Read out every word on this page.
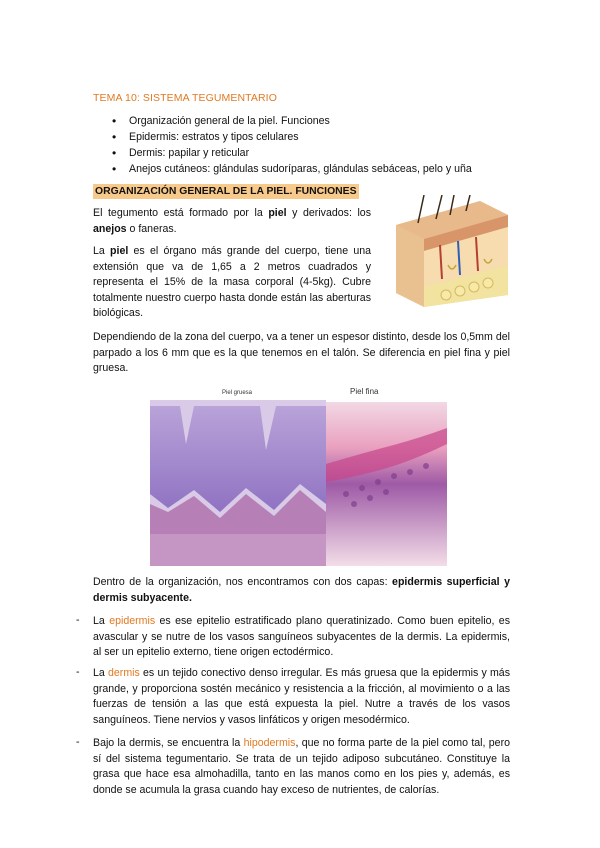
TEMA 10: SISTEMA TEGUMENTARIO
• Organización general de la piel. Funciones
• Epidermis: estratos y tipos celulares
• Dermis: papilar y reticular
• Anejos cutáneos: glándulas sudoríparas, glándulas sebáceas, pelo y uña
ORGANIZACIÓN GENERAL DE LA PIEL. FUNCIONES

El tegumento está formado por la piel y derivados: los anejos o faneras.

La piel es el órgano más grande del cuerpo, tiene una extensión que va de 1,65 a 2 metros cuadrados y representa el 15% de la masa corporal (4-5kg). Cubre totalmente nuestro cuerpo hasta donde están las aberturas biológicas.

Dependiendo de la zona del cuerpo, va a tener un espesor distinto, desde los 0,5mm del parpado a los 6 mm que es la que tenemos en el talón. Se diferencia en piel fina y piel gruesa.

Piel gruesa	Piel fina

Dentro de la organización, nos encontramos con dos capas: epidermis superficial y dermis subyacente.

- La epidermis es ese epitelio estratificado plano queratinizado. Como buen epitelio, es avascular y se nutre de los vasos sanguíneos subyacentes de la dermis. La epidermis, al ser un epitelio externo, tiene origen ectodérmico.

- La dermis es un tejido conectivo denso irregular. Es más gruesa que la epidermis y más grande, y proporciona sostén mecánico y resistencia a la fricción, al movimiento o a las fuerzas de tensión a las que está expuesta la piel. Nutre a través de los vasos sanguíneos. Tiene nervios y vasos linfáticos y origen mesodérmico.

- Bajo la dermis, se encuentra la hipodermis, que no forma parte de la piel como tal, pero sí del sistema tegumentario. Se trata de un tejido adiposo subcutáneo. Constituye la grasa que hace esa almohadilla, tanto en las manos como en los pies y, además, es donde se acumula la grasa cuando hay exceso de nutrientes, de calorías.
